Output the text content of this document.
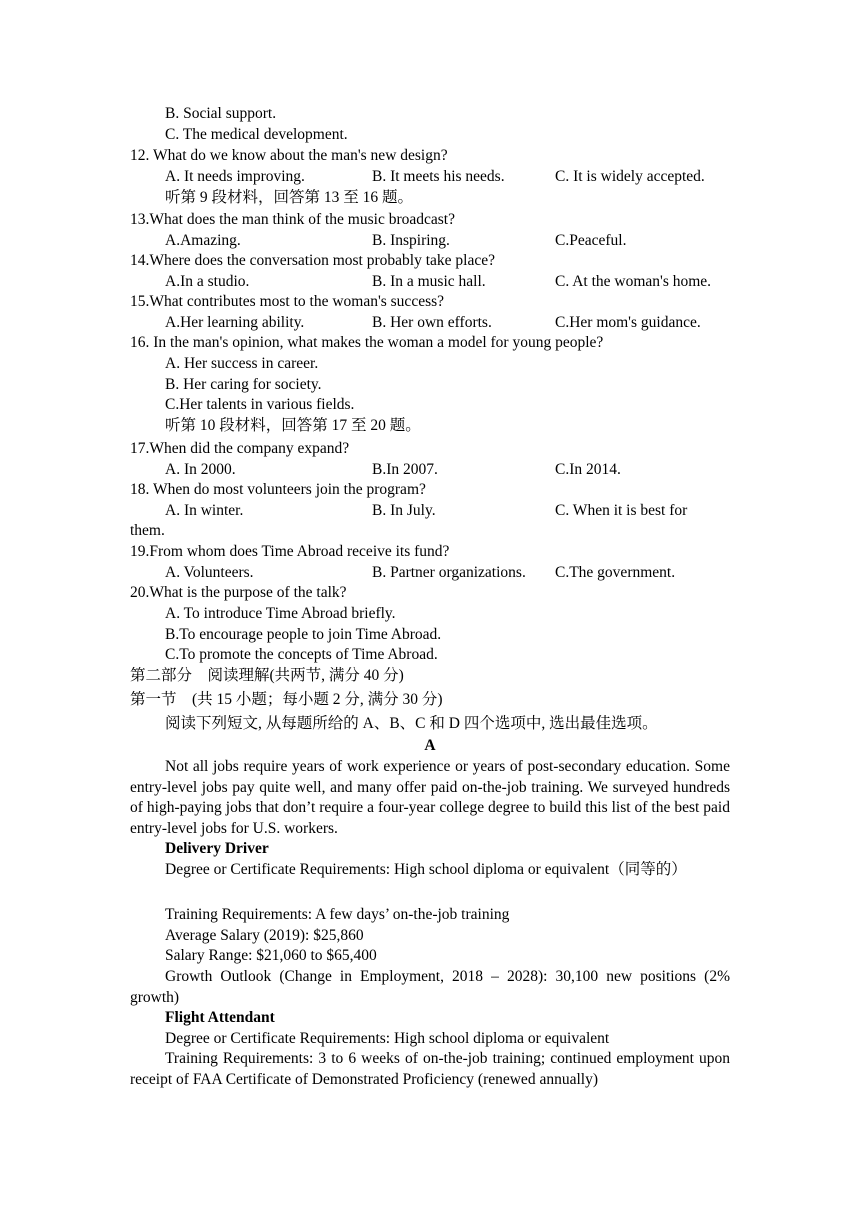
B. Social support.
C. The medical development.
12. What do we know about the man's new design?
A. It needs improving.	B. It meets his needs.	C. It is widely accepted.
听第 9 段材料，回答第 13 至 16 题。
13.What does the man think of the music broadcast?
A.Amazing.	B. Inspiring.	C.Peaceful.
14.Where does the conversation most probably take place?
A.In a studio.	B. In a music hall.	C. At the woman's home.
15.What contributes most to the woman's success?
A.Her learning ability.	B. Her own efforts.	C.Her mom's guidance.
16. In the man's opinion, what makes the woman a model for young people?
A. Her success in career.
B. Her caring for society.
C.Her talents in various fields.
听第 10 段材料，回答第 17 至 20 题。
17.When did the company expand?
A. In 2000.	B.In 2007.	C.In 2014.
18. When do most volunteers join the program?
A. In winter.	B. In July.	C. When it is best for
them.
19.From whom does Time Abroad receive its fund?
A. Volunteers.	B. Partner organizations. C.The government.
20.What is the purpose of the talk?
A. To introduce Time Abroad briefly.
B.To encourage people to join Time Abroad.
C.To promote the concepts of Time Abroad.
第二部分　阅读理解(共两节, 满分 40 分)
第一节　(共 15 小题；每小题 2 分, 满分 30 分)
阅读下列短文, 从每题所给的 A、B、C 和 D 四个选项中, 选出最佳选项。
A
Not all jobs require years of work experience or years of post-secondary education. Some entry-level jobs pay quite well, and many offer paid on-the-job training. We surveyed hundreds of high-paying jobs that don’t require a four-year college degree to build this list of the best paid entry-level jobs for U.S. workers.
Delivery Driver
Degree or Certificate Requirements: High school diploma or equivalent（同等的）
Training Requirements: A few days’ on-the-job training
Average Salary (2019): $25,860
Salary Range: $21,060 to $65,400
Growth Outlook (Change in Employment, 2018 – 2028): 30,100 new positions (2% growth)
Flight Attendant
Degree or Certificate Requirements: High school diploma or equivalent
Training Requirements: 3 to 6 weeks of on-the-job training; continued employment upon receipt of FAA Certificate of Demonstrated Proficiency (renewed annually)
